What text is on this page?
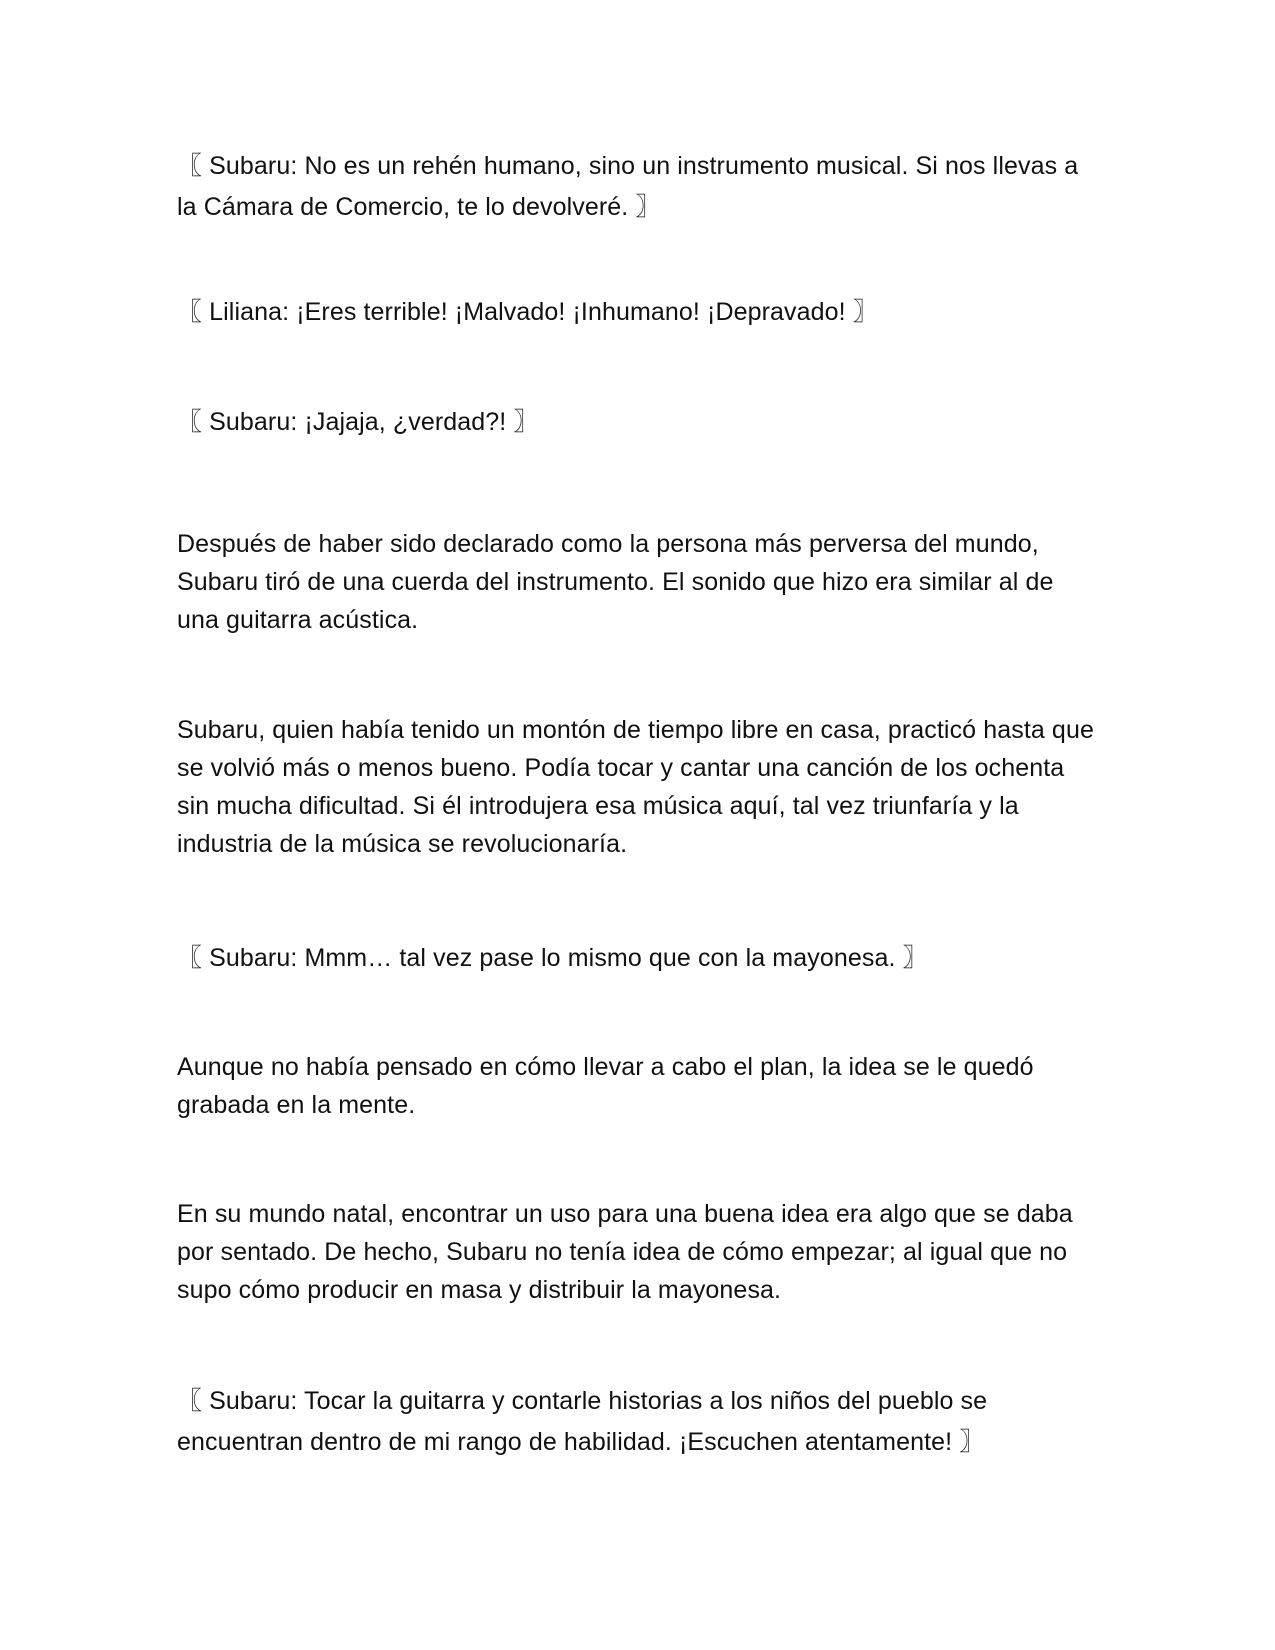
〖 Subaru: No es un rehén humano, sino un instrumento musical. Si nos llevas a la Cámara de Comercio, te lo devolveré. 〗

〖 Liliana: ¡Eres terrible! ¡Malvado! ¡Inhumano! ¡Depravado! 〗

〖 Subaru: ¡Jajaja, ¿verdad?! 〗

Después de haber sido declarado como la persona más perversa del mundo, Subaru tiró de una cuerda del instrumento. El sonido que hizo era similar al de una guitarra acústica.

Subaru, quien había tenido un montón de tiempo libre en casa, practicó hasta que se volvió más o menos bueno. Podía tocar y cantar una canción de los ochenta sin mucha dificultad. Si él introdujera esa música aquí, tal vez triunfaría y la industria de la música se revolucionaría.

〖 Subaru: Mmm… tal vez pase lo mismo que con la mayonesa. 〗

Aunque no había pensado en cómo llevar a cabo el plan, la idea se le quedó grabada en la mente.

En su mundo natal, encontrar un uso para una buena idea era algo que se daba por sentado. De hecho, Subaru no tenía idea de cómo empezar; al igual que no supo cómo producir en masa y distribuir la mayonesa.

〖 Subaru: Tocar la guitarra y contarle historias a los niños del pueblo se encuentran dentro de mi rango de habilidad. ¡Escuchen atentamente! 〗
